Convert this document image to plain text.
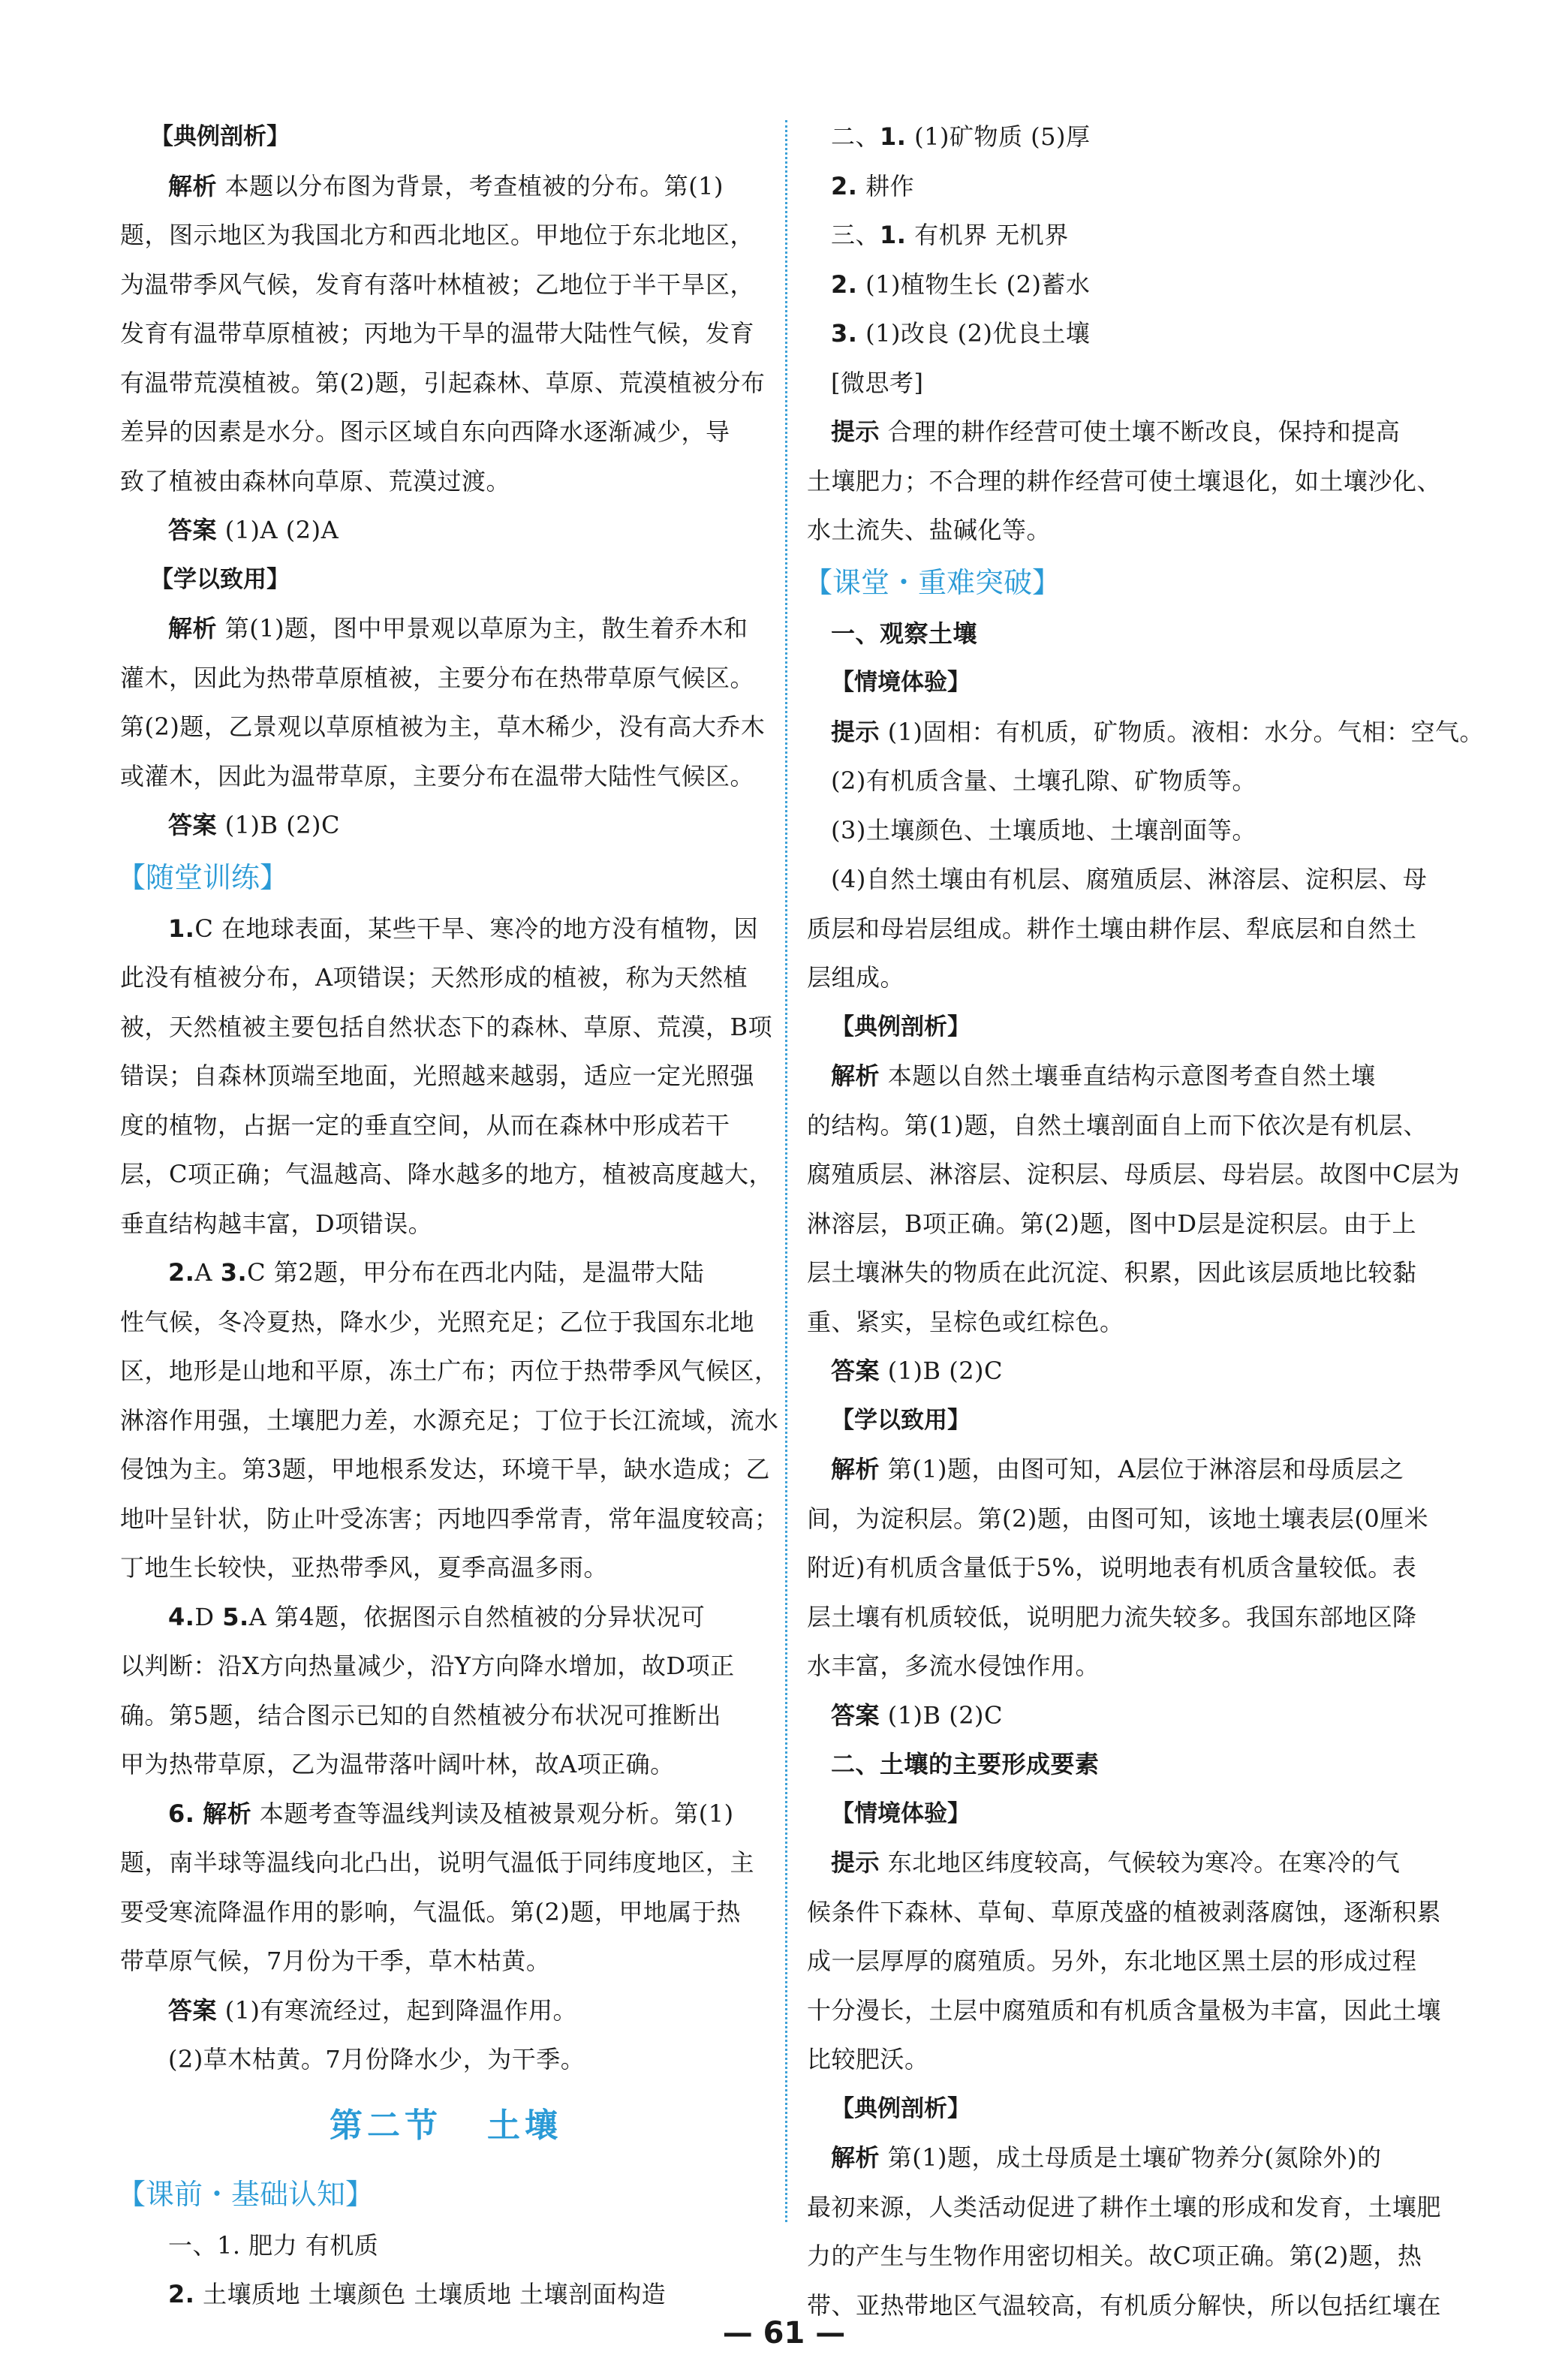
【典例剖析】
解析 本题以分布图为背景，考查植被的分布。第(1)
题，图示地区为我国北方和西北地区。甲地位于东北地区，
为温带季风气候，发育有落叶林植被；乙地位于半干旱区，
发育有温带草原植被；丙地为干旱的温带大陆性气候，发育
有温带荒漠植被。第(2)题，引起森林、草原、荒漠植被分布
差异的因素是水分。图示区域自东向西降水逐渐减少，导
致了植被由森林向草原、荒漠过渡。
答案 (1)A (2)A
【学以致用】
解析 第(1)题，图中甲景观以草原为主，散生着乔木和
灌木，因此为热带草原植被，主要分布在热带草原气候区。
第(2)题，乙景观以草原植被为主，草木稀少，没有高大乔木
或灌木，因此为温带草原，主要分布在温带大陆性气候区。
答案 (1)B (2)C
【随堂训练】
1.C 在地球表面，某些干旱、寒冷的地方没有植物，因
此没有植被分布，A项错误；天然形成的植被，称为天然植
被，天然植被主要包括自然状态下的森林、草原、荒漠，B项
错误；自森林顶端至地面，光照越来越弱，适应一定光照强
度的植物，占据一定的垂直空间，从而在森林中形成若干
层，C项正确；气温越高、降水越多的地方，植被高度越大，
垂直结构越丰富，D项错误。
2.A 3.C 第2题，甲分布在西北内陆，是温带大陆
性气候，冬冷夏热，降水少，光照充足；乙位于我国东北地
区，地形是山地和平原，冻土广布；丙位于热带季风气候区，
淋溶作用强，土壤肥力差，水源充足；丁位于长江流域，流水
侵蚀为主。第3题，甲地根系发达，环境干旱，缺水造成；乙
地叶呈针状，防止叶受冻害；丙地四季常青，常年温度较高；
丁地生长较快，亚热带季风，夏季高温多雨。
4.D 5.A 第4题，依据图示自然植被的分异状况可
以判断：沿X方向热量减少，沿Y方向降水增加，故D项正
确。第5题，结合图示已知的自然植被分布状况可推断出
甲为热带草原，乙为温带落叶阔叶林，故A项正确。
6. 解析 本题考查等温线判读及植被景观分析。第(1)
题，南半球等温线向北凸出，说明气温低于同纬度地区，主
要受寒流降温作用的影响，气温低。第(2)题，甲地属于热
带草原气候，7月份为干季，草木枯黄。
答案 (1)有寒流经过，起到降温作用。
(2)草木枯黄。7月份降水少，为干季。
第二节 土壤
【课前・基础认知】
一、1. 肥力 有机质
2. 土壤质地 土壤颜色 土壤质地 土壤剖面构造
二、1. (1)矿物质 (5)厚
2. 耕作
三、1. 有机界 无机界
2. (1)植物生长 (2)蓄水
3. (1)改良 (2)优良土壤
[微思考]
提示 合理的耕作经营可使土壤不断改良，保持和提高
土壤肥力；不合理的耕作经营可使土壤退化，如土壤沙化、
水土流失、盐碱化等。
【课堂・重难突破】
一、观察土壤
【情境体验】
提示 (1)固相：有机质，矿物质。液相：水分。气相：空气。
(2)有机质含量、土壤孔隙、矿物质等。
(3)土壤颜色、土壤质地、土壤剖面等。
(4)自然土壤由有机层、腐殖质层、淋溶层、淀积层、母
质层和母岩层组成。耕作土壤由耕作层、犁底层和自然土
层组成。
【典例剖析】
解析 本题以自然土壤垂直结构示意图考查自然土壤
的结构。第(1)题，自然土壤剖面自上而下依次是有机层、
腐殖质层、淋溶层、淀积层、母质层、母岩层。故图中C层为
淋溶层，B项正确。第(2)题，图中D层是淀积层。由于上
层土壤淋失的物质在此沉淀、积累，因此该层质地比较黏
重、紧实，呈棕色或红棕色。
答案 (1)B (2)C
【学以致用】
解析 第(1)题，由图可知，A层位于淋溶层和母质层之
间，为淀积层。第(2)题，由图可知，该地土壤表层(0厘米
附近)有机质含量低于5%，说明地表有机质含量较低。表
层土壤有机质较低，说明肥力流失较多。我国东部地区降
水丰富，多流水侵蚀作用。
答案 (1)B (2)C
二、土壤的主要形成要素
【情境体验】
提示 东北地区纬度较高，气候较为寒冷。在寒冷的气
候条件下森林、草甸、草原茂盛的植被剥落腐蚀，逐渐积累
成一层厚厚的腐殖质。另外，东北地区黑土层的形成过程
十分漫长，土层中腐殖质和有机质含量极为丰富，因此土壤
比较肥沃。
【典例剖析】
解析 第(1)题，成土母质是土壤矿物养分(氮除外)的
最初来源，人类活动促进了耕作土壤的形成和发育，土壤肥
力的产生与生物作用密切相关。故C项正确。第(2)题，热
带、亚热带地区气温较高，有机质分解快，所以包括红壤在
— 61 —
